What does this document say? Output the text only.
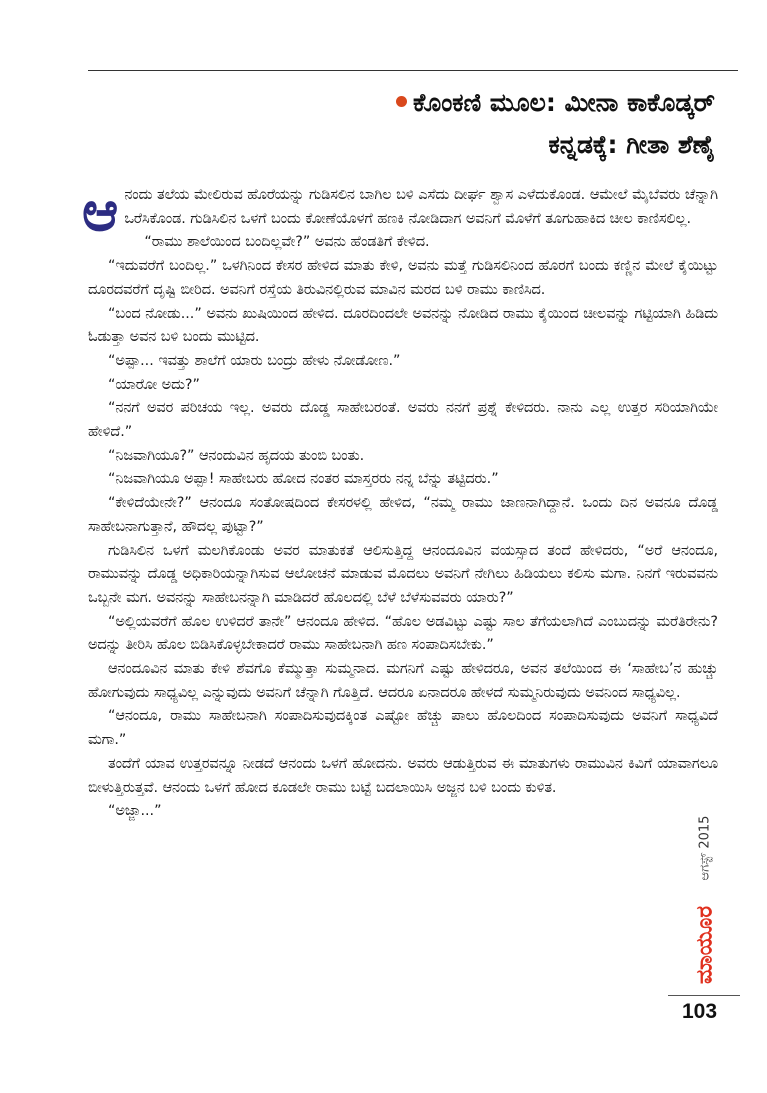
ಕೊಂಕಣಿ ಮೂಲ: ಮೀನಾ ಕಾಕೊಡ್ಕರ್
ಕನ್ನಡಕ್ಕೆ: ಗೀತಾ ಶೆಣೈ

ಆನಂದು ತಲೆಯ ಮೇಲಿರುವ ಹೊರೆಯನ್ನು ಗುಡಿಸಲಿನ ಬಾಗಿಲ ಬಳಿ ಎಸೆದು ದೀರ್ಘ ಶ್ವಾಸ ಎಳೆದುಕೊಂಡ. ಆಮೇಲೆ ಮೈಬೆವರು ಚೆನ್ನಾಗಿ ಒರೆಸಿಕೊಂಡ. ಗುಡಿಸಿಲಿನ ಒಳಗೆ ಬಂದು ಕೋಣೆಯೊಳಗೆ ಹಣಕಿ ನೋಡಿದಾಗ ಅವನಿಗೆ ಮೊಳೆಗೆ ತೂಗುಹಾಕಿದ ಚೀಲ ಕಾಣಿಸಲಿಲ್ಲ.

“ರಾಮು ಶಾಲೆಯಿಂದ ಬಂದಿಲ್ಲವೇ?” ಅವನು ಹೆಂಡತಿಗೆ ಕೇಳಿದ.

“ಇದುವರೆಗೆ ಬಂದಿಲ್ಲ.” ಒಳಗಿನಿಂದ ಕೇಸರ ಹೇಳಿದ ಮಾತು ಕೇಳಿ, ಅವನು ಮತ್ತೆ ಗುಡಿಸಲಿನಿಂದ ಹೊರಗೆ ಬಂದು ಕಣ್ಣಿನ ಮೇಲೆ ಕೈಯಿಟ್ಟು ದೂರದವರೆಗೆ ದೃಷ್ಟಿ ಬೀರಿದ. ಅವನಿಗೆ ರಸ್ತೆಯ ತಿರುವಿನಲ್ಲಿರುವ ಮಾವಿನ ಮರದ ಬಳಿ ರಾಮು ಕಾಣಿಸಿದ.

“ಬಂದ ನೋಡು...” ಅವನು ಖುಷಿಯಿಂದ ಹೇಳಿದ. ದೂರದಿಂದಲೇ ಅವನನ್ನು ನೋಡಿದ ರಾಮು ಕೈಯಿಂದ ಚೀಲವನ್ನು ಗಟ್ಟಿಯಾಗಿ ಹಿಡಿದು ಓಡುತ್ತಾ ಅವನ ಬಳಿ ಬಂದು ಮುಟ್ಟಿದ.

“ಅಪ್ಪಾ... ಇವತ್ತು ಶಾಲೆಗೆ ಯಾರು ಬಂದ್ರು ಹೇಳು ನೋಡೋಣ.”

“ಯಾರೋ ಅದು?”

“ನನಗೆ ಅವರ ಪರಿಚಯ ಇಲ್ಲ. ಅವರು ದೊಡ್ಡ ಸಾಹೇಬರಂತೆ. ಅವರು ನನಗೆ ಪ್ರಶ್ನೆ ಕೇಳಿದರು. ನಾನು ಎಲ್ಲ ಉತ್ತರ ಸರಿಯಾಗಿಯೇ ಹೇಳಿದೆ.”

“ನಿಜವಾಗಿಯೂ?” ಆನಂದುವಿನ ಹೃದಯ ತುಂಬಿ ಬಂತು.

“ನಿಜವಾಗಿಯೂ ಅಪ್ಪಾ! ಸಾಹೇಬರು ಹೋದ ನಂತರ ಮಾಸ್ತರರು ನನ್ನ ಬೆನ್ನು ತಟ್ಟಿದರು.”

“ಕೇಳಿದೆಯೇನೇ?” ಆನಂದೂ ಸಂತೋಷದಿಂದ ಕೇಸರಳಲ್ಲಿ ಹೇಳಿದ, “ನಮ್ಮ ರಾಮು ಜಾಣನಾಗಿದ್ದಾನೆ. ಒಂದು ದಿನ ಅವನೂ ದೊಡ್ಡ ಸಾಹೇಬನಾಗುತ್ತಾನೆ, ಹೌದಲ್ಲ ಪುಟ್ಟಾ?”

ಗುಡಿಸಿಲಿನ ಒಳಗೆ ಮಲಗಿಕೊಂಡು ಅವರ ಮಾತುಕತೆ ಆಲಿಸುತ್ತಿದ್ದ ಆನಂದೂವಿನ ವಯಸ್ಸಾದ ತಂದೆ ಹೇಳಿದರು, “ಅರೆ ಆನಂದೂ, ರಾಮುವನ್ನು ದೊಡ್ಡ ಅಧಿಕಾರಿಯನ್ನಾಗಿಸುವ ಆಲೋಚನೆ ಮಾಡುವ ಮೊದಲು ಅವನಿಗೆ ನೇಗಿಲು ಹಿಡಿಯಲು ಕಲಿಸು ಮಗಾ. ನಿನಗೆ ಇರುವವನು ಒಬ್ಬನೇ ಮಗ. ಅವನನ್ನು ಸಾಹೇಬನನ್ನಾಗಿ ಮಾಡಿದರೆ ಹೊಲದಲ್ಲಿ ಬೆಳೆ ಬೆಳೆಸುವವರು ಯಾರು?”

“ಅಲ್ಲಿಯವರೆಗೆ ಹೊಲ ಉಳಿದರೆ ತಾನೇ” ಆನಂದೂ ಹೇಳಿದ. “ಹೊಲ ಅಡವಿಟ್ಟು ಎಷ್ಟು ಸಾಲ ತೆಗೆಯಲಾಗಿದೆ ಎಂಬುದನ್ನು ಮರೆತಿರೇನು? ಅದನ್ನು ತೀರಿಸಿ ಹೊಲ ಬಿಡಿಸಿಕೊಳ್ಳಬೇಕಾದರೆ ರಾಮು ಸಾಹೇಬನಾಗಿ ಹಣ ಸಂಪಾದಿಸಬೇಕು.”

ಆನಂದೂವಿನ ಮಾತು ಕೇಳಿ ಶೆವಗೊ ಕೆಮ್ಮುತ್ತಾ ಸುಮ್ಮನಾದ. ಮಗನಿಗೆ ಎಷ್ಟು ಹೇಳಿದರೂ, ಅವನ ತಲೆಯಿಂದ ಈ ‘ಸಾಹೇಬ’ನ ಹುಚ್ಚು ಹೋಗುವುದು ಸಾಧ್ಯವಿಲ್ಲ ಎನ್ನುವುದು ಅವನಿಗೆ ಚೆನ್ನಾಗಿ ಗೊತ್ತಿದೆ. ಆದರೂ ಏನಾದರೂ ಹೇಳದೆ ಸುಮ್ಮನಿರುವುದು ಅವನಿಂದ ಸಾಧ್ಯವಿಲ್ಲ.

“ಆನಂದೂ, ರಾಮು ಸಾಹೇಬನಾಗಿ ಸಂಪಾದಿಸುವುದಕ್ಕಿಂತ ಎಷ್ಟೋ ಹೆಚ್ಚು ಪಾಲು ಹೊಲದಿಂದ ಸಂಪಾದಿಸುವುದು ಅವನಿಗೆ ಸಾಧ್ಯವಿದೆ ಮಗಾ.”

ತಂದೆಗೆ ಯಾವ ಉತ್ತರವನ್ನೂ ನೀಡದೆ ಆನಂದು ಒಳಗೆ ಹೋದನು. ಅವರು ಆಡುತ್ತಿರುವ ಈ ಮಾತುಗಳು ರಾಮುವಿನ ಕಿವಿಗೆ ಯಾವಾಗಲೂ ಬೀಳುತ್ತಿರುತ್ತವೆ. ಆನಂದು ಒಳಗೆ ಹೋದ ಕೂಡಲೇ ರಾಮು ಬಟ್ಟೆ ಬದಲಾಯಿಸಿ ಅಜ್ಜನ ಬಳಿ ಬಂದು ಕುಳಿತ.

“ಅಜ್ಜಾ...”

ಆಗಸ್ಟ್ 2015
ಮಾಯೂರ
103
